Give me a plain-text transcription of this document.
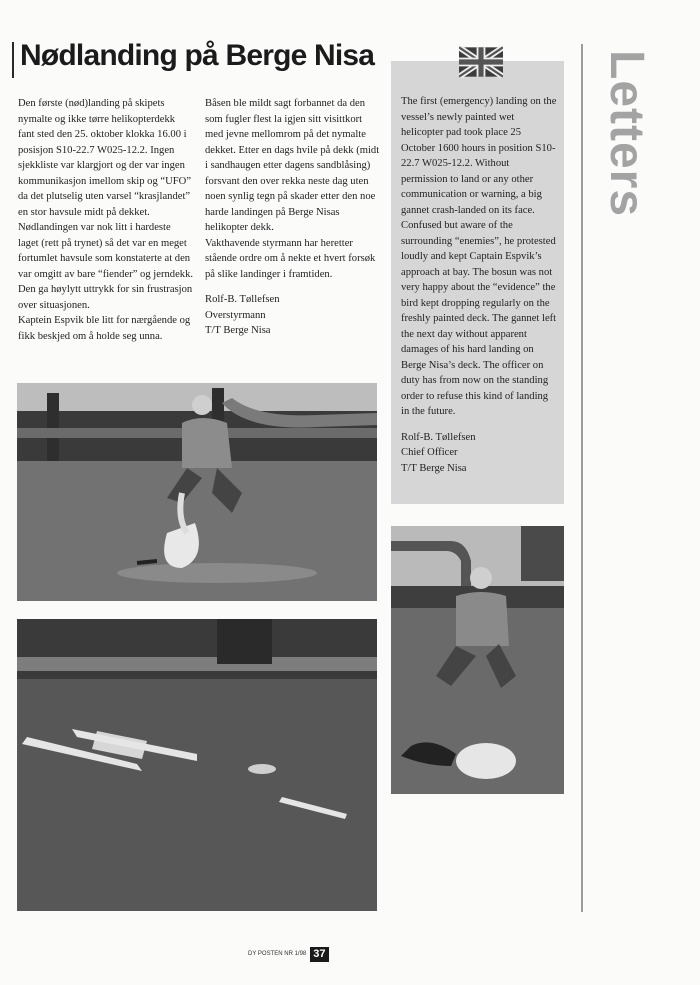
Nødlanding på Berge Nisa

Den første (nød)landing på skipets nymalte og ikke tørre helikopterdekk fant sted den 25. oktober klokka 16.00 i posisjon S10-22.7 W025-12.2. Ingen sjekkliste var klargjort og der var ingen kommunikasjon imellom skip og “UFO” da det plutselig uten varsel “krasjlandet” en stor havsule midt på dekket. Nødlandingen var nok litt i hardeste laget (rett på trynet) så det var en meget fortumlet havsule som konstaterte at den var omgitt av bare “fiender” og jerndekk. Den ga høylytt uttrykk for sin frustrasjon over situasjonen.

Kaptein Espvik ble litt for nærgående og fikk beskjed om å holde seg unna.

Båsen ble mildt sagt forbannet da den som fugler flest la igjen sitt visittkort med jevne mellomrom på det nymalte dekket. Etter en dags hvile på dekk (midt i sandhaugen etter dagens sandblåsing) forsvant den over rekka neste dag uten noen synlig tegn på skader etter den noe harde landingen på Berge Nisas helikopter dekk.

Vakthavende styrmann har heretter stående ordre om å nekte et hvert forsøk på slike landinger i framtiden.

Rolf-B. Tøllefsen

Overstyrmann

T/T Berge Nisa

The first (emergency) landing on the vessel’s newly painted wet helicopter pad took place 25 October 1600 hours in position S10-22.7 W025-12.2. Without permission to land or any other communication or warning, a big gannet crash-landed on its face. Confused but aware of the surrounding “enemies”, he protested loudly and kept Captain Espvik’s approach at bay. The bosun was not very happy about the “evidence” the bird kept dropping regularly on the freshly painted deck. The gannet left the next day without apparent damages of his hard landing on Berge Nisa’s deck. The officer on duty has from now on the standing order to refuse this kind of landing in the future.

Rolf-B. Tøllefsen

Chief Officer

T/T Berge Nisa

Letters
DY POSTEN NR 1/98 37
